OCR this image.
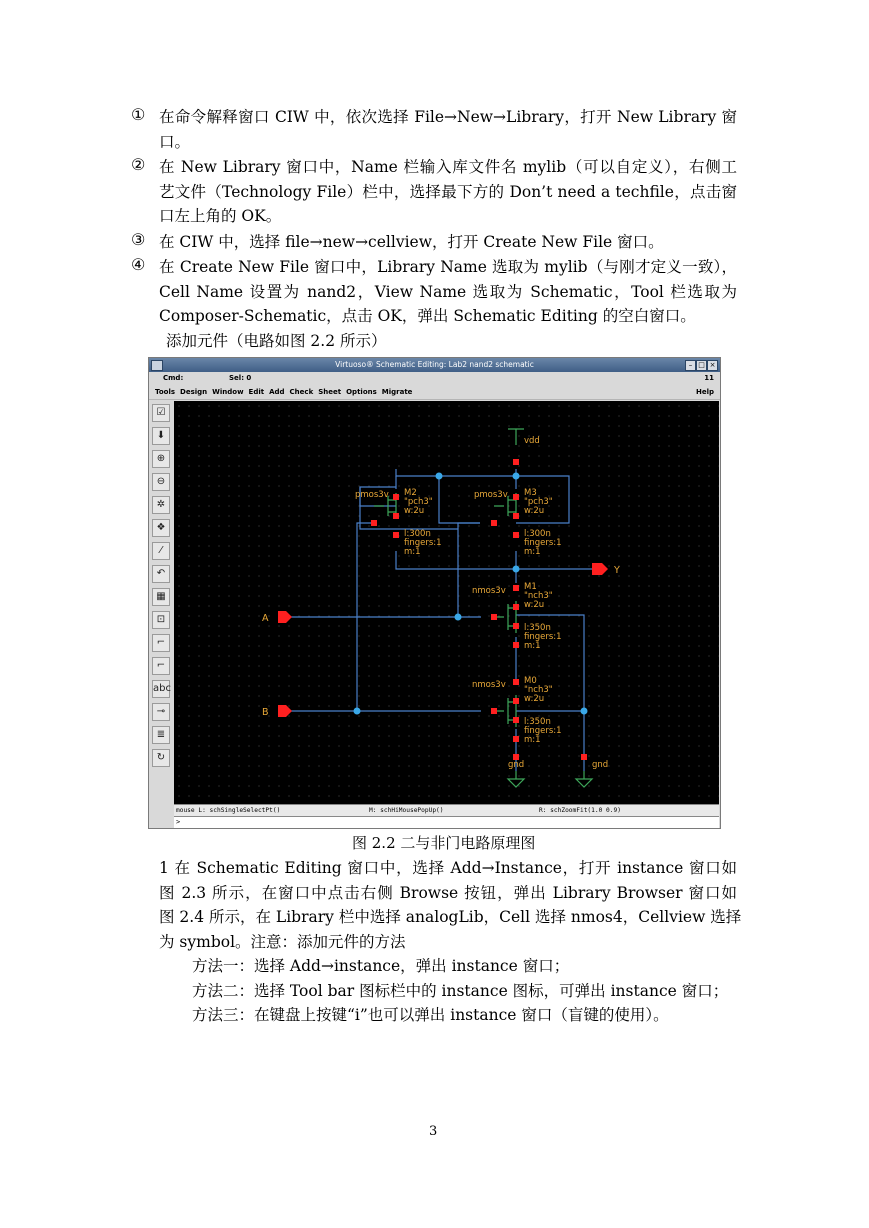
① 在命令解释窗口 CIW 中，依次选择 File→New→Library，打开 New Library 窗
口。
② 在 New Library 窗口中，Name 栏输入库文件名 mylib（可以自定义），右侧工
艺文件（Technology File）栏中，选择最下方的 Don’t need a techfile，点击窗
口左上角的 OK。
③ 在 CIW 中，选择 file→new→cellview，打开 Create New File 窗口。
④ 在 Create New File 窗口中，Library Name 选取为 mylib（与刚才定义一致），
Cell Name 设置为 nand2，View Name 选取为 Schematic，Tool 栏选取为
Composer-Schematic，点击 OK，弹出 Schematic Editing 的空白窗口。
添加元件（电路如图 2.2 所示）
Virtuoso® Schematic Editing: Lab2 nand2 schematic	– □ ×
Cmd:	Sel: 0	11
Tools Design Window Edit Add Check Sheet Options Migrate	Help
☑
⬇
⊕
⊖
✲
❖
⁄
↶
▦
⊡
⌐
⌐
abc
⊸
≣
↻
vdd
Y
A
B
gnd	gnd
pmos3v M2
"pch3"
w:2u
l:300n
fingers:1
m:1
pmos3v M3
"pch3"
w:2u
l:300n
fingers:1
m:1
nmos3v M1
"nch3"
w:2u
l:350n
fingers:1
m:1
nmos3v M0
"nch3"
w:2u
l:350n
fingers:1
m:1
mouse L: schSingleSelectPt()	M: schHiMousePopUp()	R: schZoomFit(1.0 0.9)
>
图 2.2 二与非门电路原理图
1 在 Schematic Editing 窗口中，选择 Add→Instance，打开 instance 窗口如
图 2.3 所示，在窗口中点击右侧 Browse 按钮，弹出 Library Browser 窗口如
图 2.4 所示，在 Library 栏中选择 analogLib，Cell 选择 nmos4，Cellview 选择
为 symbol。注意：添加元件的方法
方法一：选择 Add→instance，弹出 instance 窗口；
方法二：选择 Tool bar 图标栏中的 instance 图标，可弹出 instance 窗口；
方法三：在键盘上按键“i”也可以弹出 instance 窗口（盲键的使用）。
3
